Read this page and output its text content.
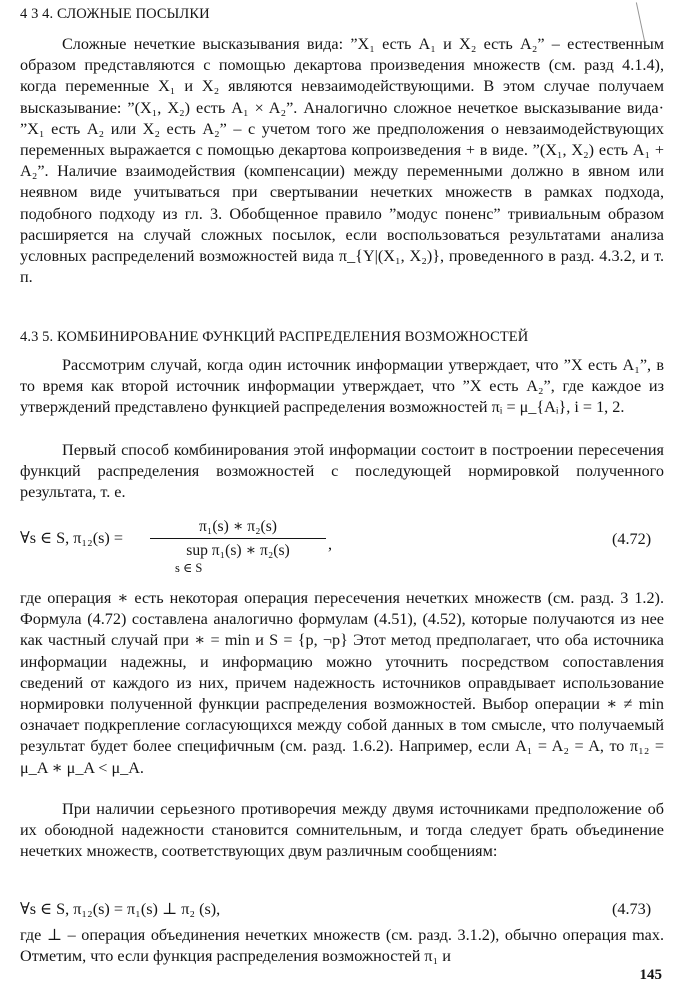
4 3 4. СЛОЖНЫЕ ПОСЫЛКИ
Сложные нечеткие высказывания вида: ”X₁ есть A₁ и X₂ есть A₂” – естественным образом представляются с помощью декартова произведения множеств (см. разд 4.1.4), когда переменные X₁ и X₂ являются невзаимодействующими. В этом случае получаем высказывание: ”(X₁, X₂) есть A₁ × A₂”. Аналогично сложное нечеткое высказывание вида· ”X₁ есть A₂ или X₂ есть A₂” – с учетом того же предположения о невзаимодействующих переменных выражается с помощью декартова копроизведения + в виде. ”(X₁, X₂) есть A₁ + A₂”. Наличие взаимодействия (компенсации) между переменными должно в явном или неявном виде учитываться при свертывании нечетких множеств в рамках подхода, подобного подходу из гл. 3. Обобщенное правило ”модус поненс” тривиальным образом расширяется на случай сложных посылок, если воспользоваться результатами анализа условных распределений возможностей вида π_{Y|(X₁, X₂)}, проведенного в разд. 4.3.2, и т. п.
4.3 5. КОМБИНИРОВАНИЕ ФУНКЦИЙ РАСПРЕДЕЛЕНИЯ ВОЗМОЖНОСТЕЙ
Рассмотрим случай, когда один источник информации утверждает, что ”X есть A₁”, в то время как второй источник информации утверждает, что ”X есть A₂”, где каждое из утверждений представлено функцией распределения возможностей πᵢ = μ_{Aᵢ}, i = 1, 2.
Первый способ комбинирования этой информации состоит в построении пересечения функций распределения возможностей с последующей нормировкой полученного результата, т. е.
∀s ∈ S, π₁₂(s) =
π₁(s) ∗ π₂(s)
sup π₁(s) ∗ π₂(s)	,
s ∈ S
(4.72)
где операция ∗ есть некоторая операция пересечения нечетких множеств (см. разд. 3 1.2). Формула (4.72) составлена аналогично формулам (4.51), (4.52), которые получаются из нее как частный случай при ∗ = min и S = {p, ¬p} Этот метод предполагает, что оба источника информации надежны, и информацию можно уточнить посредством сопоставления сведений от каждого из них, причем надежность источников оправдывает использование нормировки полученной функции распределения возможностей. Выбор операции ∗ ≠ min означает подкрепление согласующихся между собой данных в том смысле, что получаемый результат будет более специфичным (см. разд. 1.6.2). Например, если A₁ = A₂ = A, то π₁₂ = μ_A ∗ μ_A < μ_A.
При наличии серьезного противоречия между двумя источниками предположение об их обоюдной надежности становится сомнительным, и тогда следует брать объединение нечетких множеств, соответствующих двум различным сообщениям:
∀s ∈ S, π₁₂(s) = π₁(s) ⊥ π₂ (s),	(4.73)
где ⊥ – операция объединения нечетких множеств (см. разд. 3.1.2), обычно операция max. Отметим, что если функция распределения возможностей π₁ и
145
